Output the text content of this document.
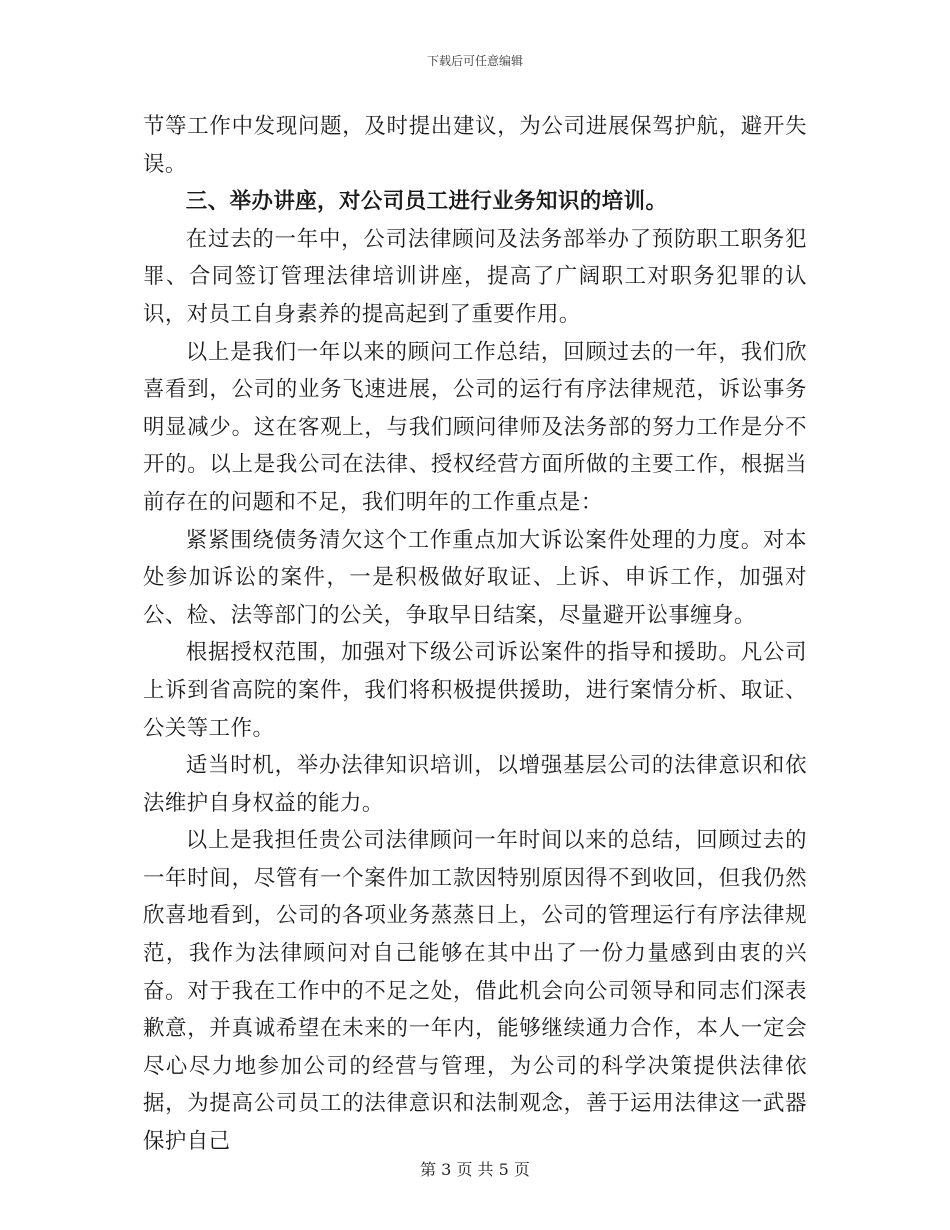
下载后可任意编辑

节等工作中发现问题，及时提出建议，为公司进展保驾护航，避开失误。

三、举办讲座，对公司员工进行业务知识的培训。

在过去的一年中，公司法律顾问及法务部举办了预防职工职务犯罪、合同签订管理法律培训讲座，提高了广阔职工对职务犯罪的认识，对员工自身素养的提高起到了重要作用。

以上是我们一年以来的顾问工作总结，回顾过去的一年，我们欣喜看到，公司的业务飞速进展，公司的运行有序法律规范，诉讼事务明显减少。这在客观上，与我们顾问律师及法务部的努力工作是分不开的。以上是我公司在法律、授权经营方面所做的主要工作，根据当前存在的问题和不足，我们明年的工作重点是：

紧紧围绕债务清欠这个工作重点加大诉讼案件处理的力度。对本处参加诉讼的案件，一是积极做好取证、上诉、申诉工作，加强对公、检、法等部门的公关，争取早日结案，尽量避开讼事缠身。

根据授权范围，加强对下级公司诉讼案件的指导和援助。凡公司上诉到省高院的案件，我们将积极提供援助，进行案情分析、取证、公关等工作。

适当时机，举办法律知识培训，以增强基层公司的法律意识和依法维护自身权益的能力。

以上是我担任贵公司法律顾问一年时间以来的总结，回顾过去的一年时间，尽管有一个案件加工款因特别原因得不到收回，但我仍然欣喜地看到，公司的各项业务蒸蒸日上，公司的管理运行有序法律规范，我作为法律顾问对自己能够在其中出了一份力量感到由衷的兴奋。对于我在工作中的不足之处，借此机会向公司领导和同志们深表歉意，并真诚希望在未来的一年内，能够继续通力合作，本人一定会尽心尽力地参加公司的经营与管理，为公司的科学决策提供法律依据，为提高公司员工的法律意识和法制观念，善于运用法律这一武器保护自己

第 3 页 共 5 页
